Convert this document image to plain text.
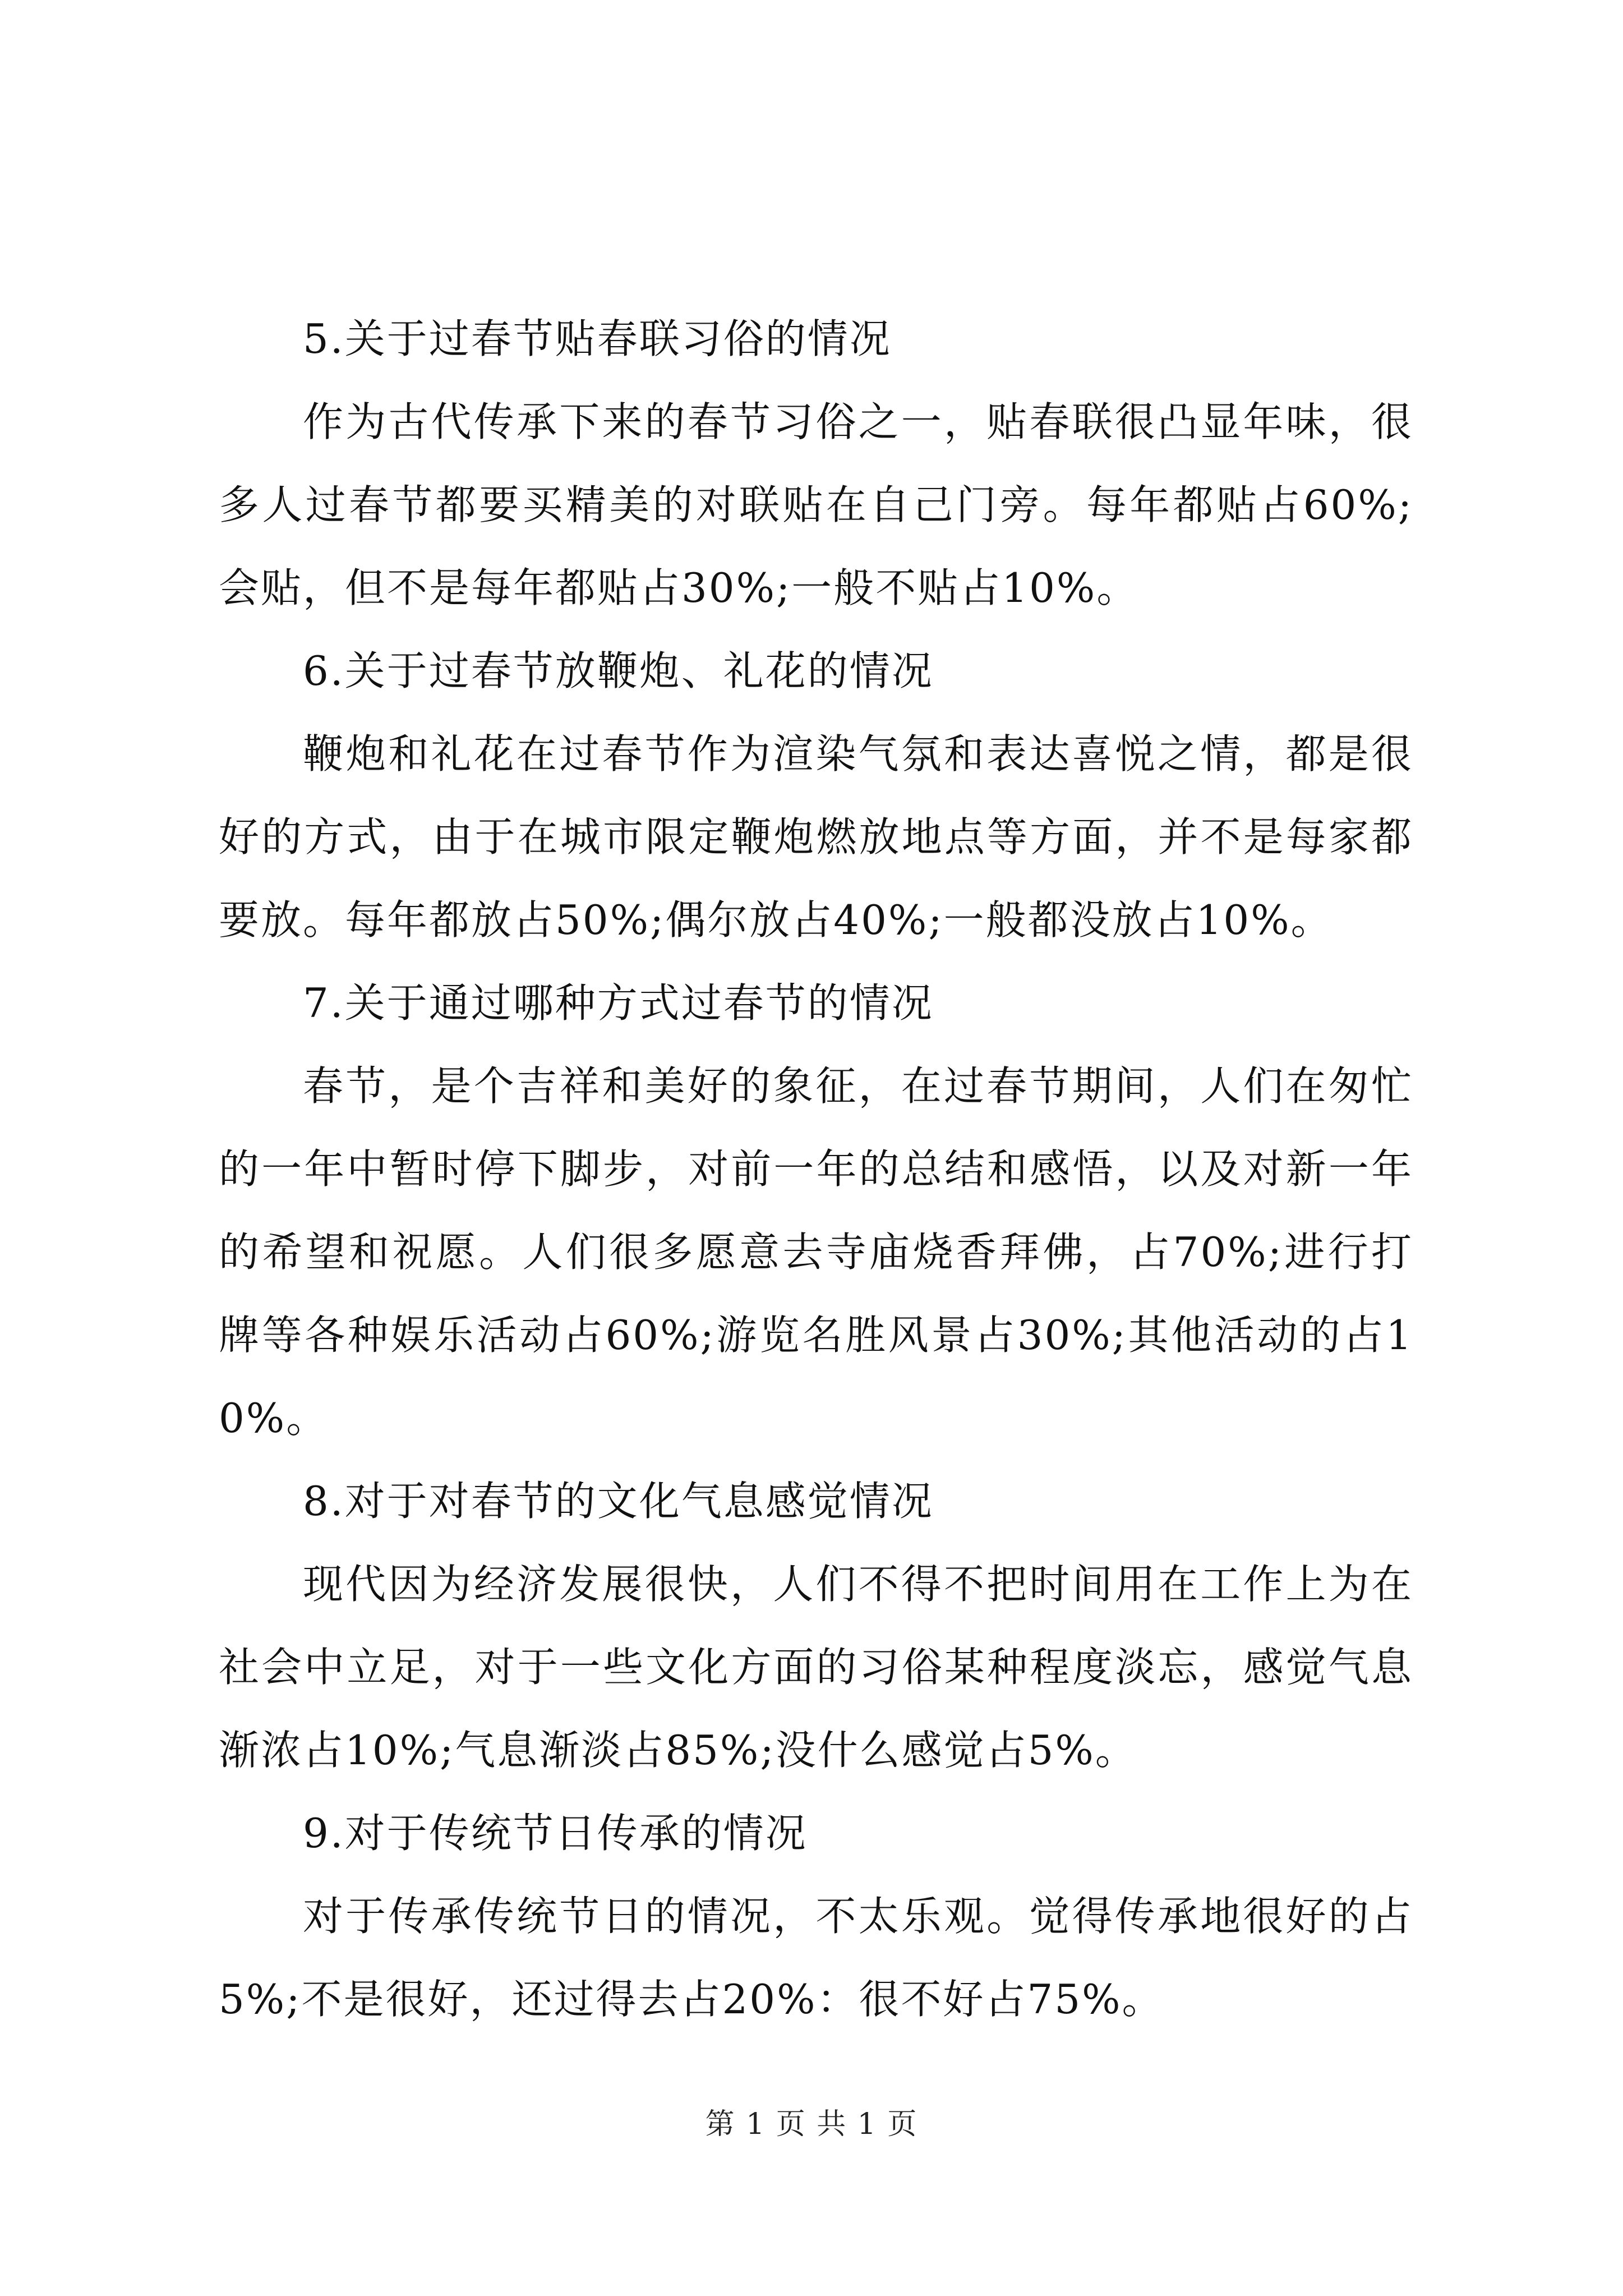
5.关于过春节贴春联习俗的情况

作为古代传承下来的春节习俗之一，贴春联很凸显年味，很多人过春节都要买精美的对联贴在自己门旁。每年都贴占60%;会贴，但不是每年都贴占30%;一般不贴占10%。

6.关于过春节放鞭炮、礼花的情况

鞭炮和礼花在过春节作为渲染气氛和表达喜悦之情，都是很好的方式，由于在城市限定鞭炮燃放地点等方面，并不是每家都要放。每年都放占50%;偶尔放占40%;一般都没放占10%。

7.关于通过哪种方式过春节的情况

春节，是个吉祥和美好的象征，在过春节期间，人们在匆忙的一年中暂时停下脚步，对前一年的总结和感悟，以及对新一年的希望和祝愿。人们很多愿意去寺庙烧香拜佛，占70%;进行打牌等各种娱乐活动占60%;游览名胜风景占30%;其他活动的占10%。

8.对于对春节的文化气息感觉情况

现代因为经济发展很快，人们不得不把时间用在工作上为在社会中立足，对于一些文化方面的习俗某种程度淡忘，感觉气息渐浓占10%;气息渐淡占85%;没什么感觉占5%。

9.对于传统节日传承的情况

对于传承传统节日的情况，不太乐观。觉得传承地很好的占5%;不是很好，还过得去占20%：很不好占75%。

第 1 页 共 1 页
